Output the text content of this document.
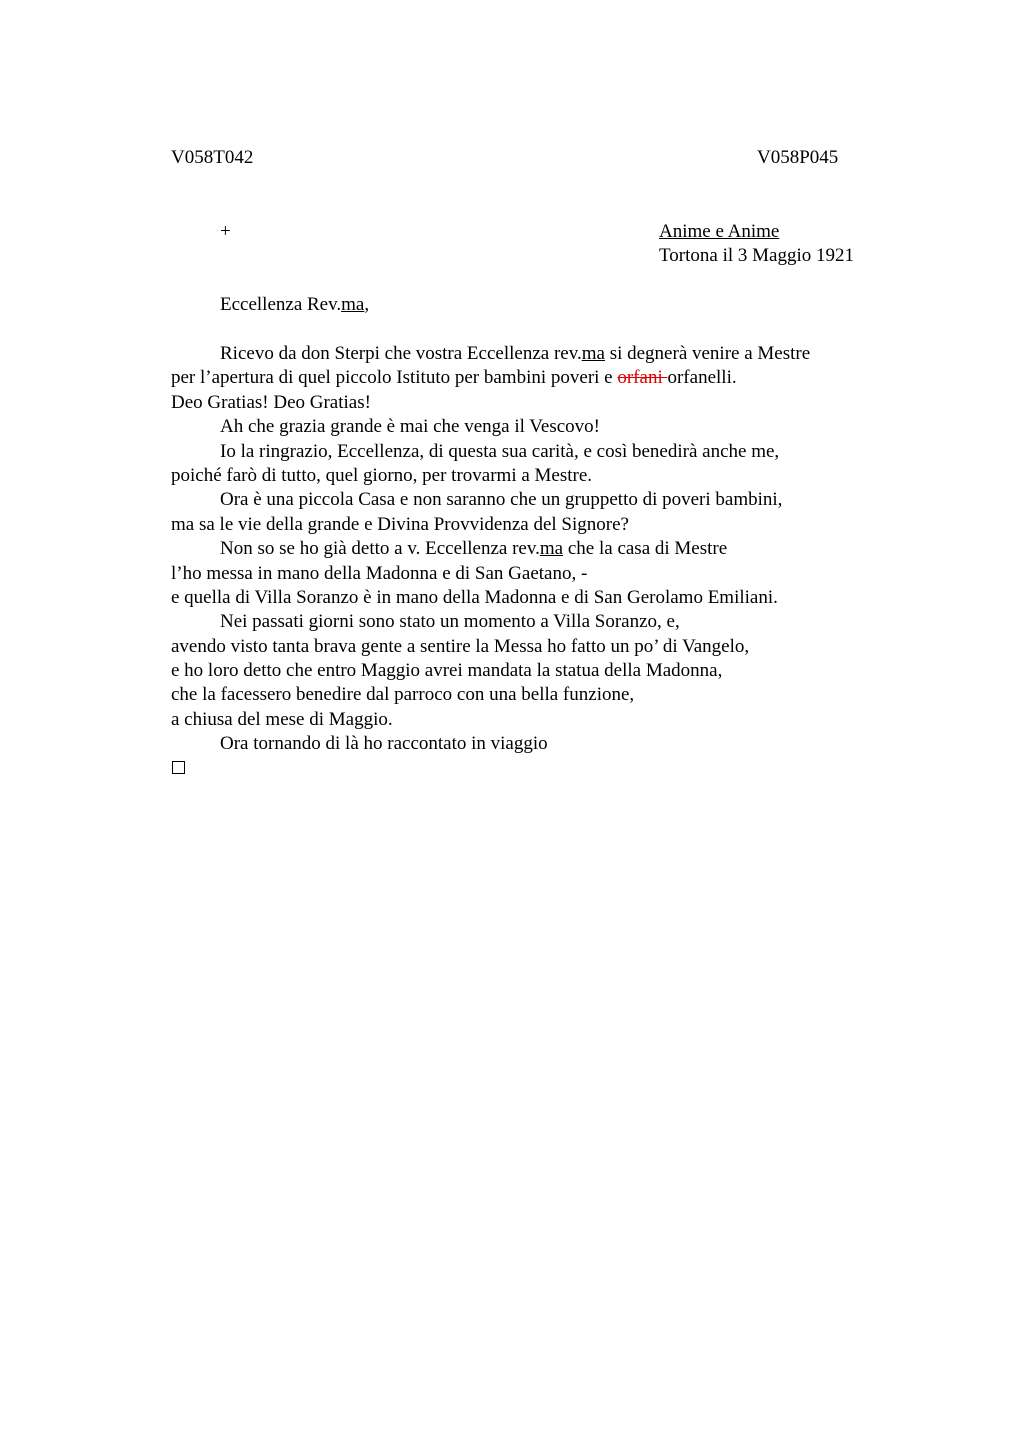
V058T042	V058P045
+	Anime e Anime
Tortona il 3 Maggio 1921
Eccellenza Rev.ma,
Ricevo da don Sterpi che vostra Eccellenza rev.ma si degnerà venire a Mestre
per l’apertura di quel piccolo Istituto per bambini poveri e orfani orfanelli.
Deo Gratias! Deo Gratias!
Ah che grazia grande è mai che venga il Vescovo!
Io la ringrazio, Eccellenza, di questa sua carità, e così benedirà anche me,
poiché farò di tutto, quel giorno, per trovarmi a Mestre.
Ora è una piccola Casa e non saranno che un gruppetto di poveri bambini,
ma sa le vie della grande e Divina Provvidenza del Signore?
Non so se ho già detto a v. Eccellenza rev.ma che la casa di Mestre
l’ho messa in mano della Madonna e di San Gaetano, -
e quella di Villa Soranzo è in mano della Madonna e di San Gerolamo Emiliani.
Nei passati giorni sono stato un momento a Villa Soranzo, e,
avendo visto tanta brava gente a sentire la Messa ho fatto un po’ di Vangelo,
e ho loro detto che entro Maggio avrei mandata la statua della Madonna,
che la facessero benedire dal parroco con una bella funzione,
a chiusa del mese di Maggio.
Ora tornando di là ho raccontato in viaggio
